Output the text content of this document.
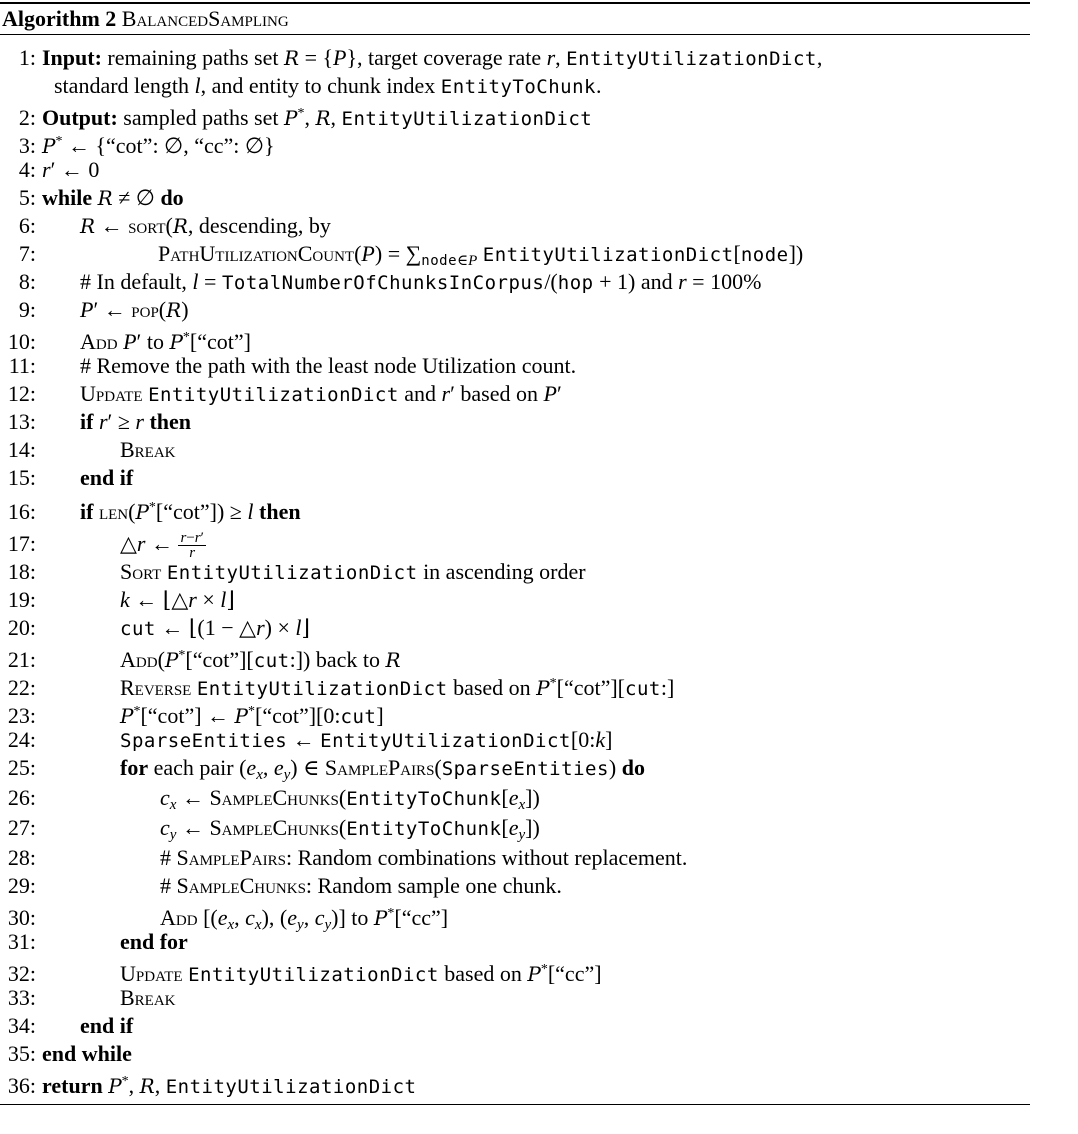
Algorithm 2 BalancedSampling
1: Input: remaining paths set R = {P}, target coverage rate r, EntityUtilizationDict,
standard length l, and entity to chunk index EntityToChunk.
2: Output: sampled paths set P*, R, EntityUtilizationDict
3: P* ← {“cot”: ∅, “cc”: ∅}
4: r′ ← 0
5: while R ≠ ∅ do
6: R ← sort(R, descending, by
7:	PathUtilizationCount(P) = $\sum_{node\in P}$ EntityUtilizationDict[node])
8: # In default, l = TotalNumberOfChunksInCorpus/(hop + 1) and r = 100%
9: P′ ← pop(R)
10: Add P′ to P*[“cot”]
11: # Remove the path with the least node Utilization count.
12: Update EntityUtilizationDict and r′ based on P′
13: if r′ ≥ r then
14:	Break
15: end if
16: if len(P*[“cot”]) ≥ l then
17:	△r ← $\frac{r-r'}{r}$
18:	Sort EntityUtilizationDict in ascending order
19:	k ← ⌊△r × l⌋
20:	cut ← ⌊(1 − △r) × l⌋
21:	Add(P*[“cot”][cut:]) back to R
22:	Reverse EntityUtilizationDict based on P*[“cot”][cut:]
23:	P*[“cot”] ← P*[“cot”][0:cut]
24:	SparseEntities ← EntityUtilizationDict[0:k]
25:	for each pair ($e_x$, $e_y$) ∈ SamplePairs(SparseEntities) do
26:	$c_x$ ← $SampleChunks(EntityToChunk[e_x])$
27:	$c_y$ ← $SampleChunks(EntityToChunk[e_y])$
28:	# SamplePairs: Random combinations without replacement.
29:	# SampleChunks: Random sample one chunk.
30:	Add [($e_x$, $c_x$), ($e_y$, $c_y$)] to P*[“cc”]
31:	end for
32:	Update EntityUtilizationDict based on P*[“cc”]
33:	Break
34: end if
35: end while
36: return P*, R, EntityUtilizationDict
